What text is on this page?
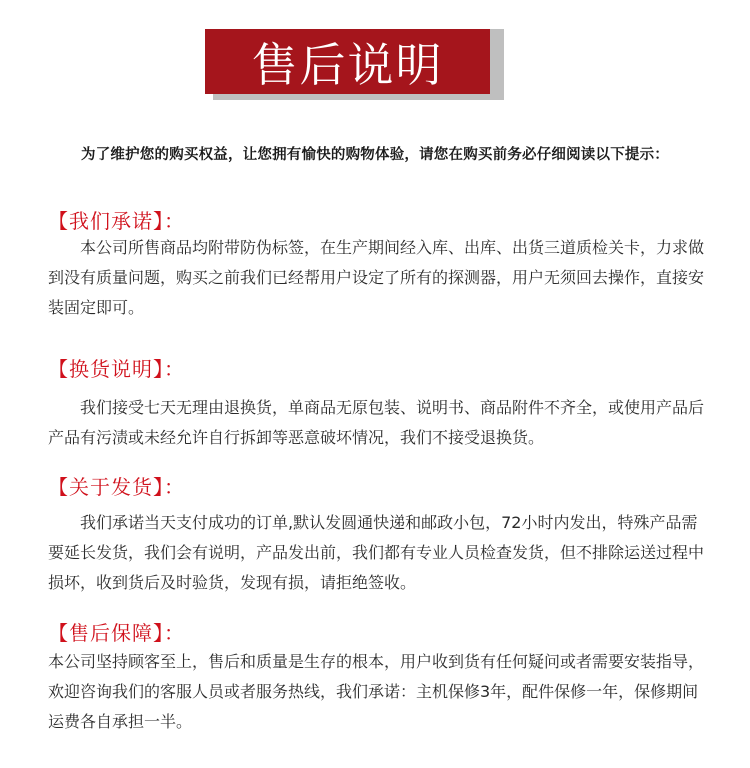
售后说明
为了维护您的购买权益，让您拥有愉快的购物体验，请您在购买前务必仔细阅读以下提示：
【我们承诺】：
　　本公司所售商品均附带防伪标签，在生产期间经入库、出库、出货三道质检关卡，力求做到没有质量问题，购买之前我们已经帮用户设定了所有的探测器，用户无须回去操作，直接安装固定即可。
【换货说明】：
　　我们接受七天无理由退换货，单商品无原包装、说明书、商品附件不齐全，或使用产品后产品有污渍或未经允许自行拆卸等恶意破坏情况，我们不接受退换货。
【关于发货】：
　　我们承诺当天支付成功的订单,默认发圆通快递和邮政小包，72小时内发出，特殊产品需要延长发货，我们会有说明，产品发出前，我们都有专业人员检查发货，但不排除运送过程中损坏，收到货后及时验货，发现有损，请拒绝签收。
【售后保障】：
本公司坚持顾客至上，售后和质量是生存的根本，用户收到货有任何疑问或者需要安装指导，欢迎咨询我们的客服人员或者服务热线，我们承诺：主机保修3年，配件保修一年，保修期间运费各自承担一半。
